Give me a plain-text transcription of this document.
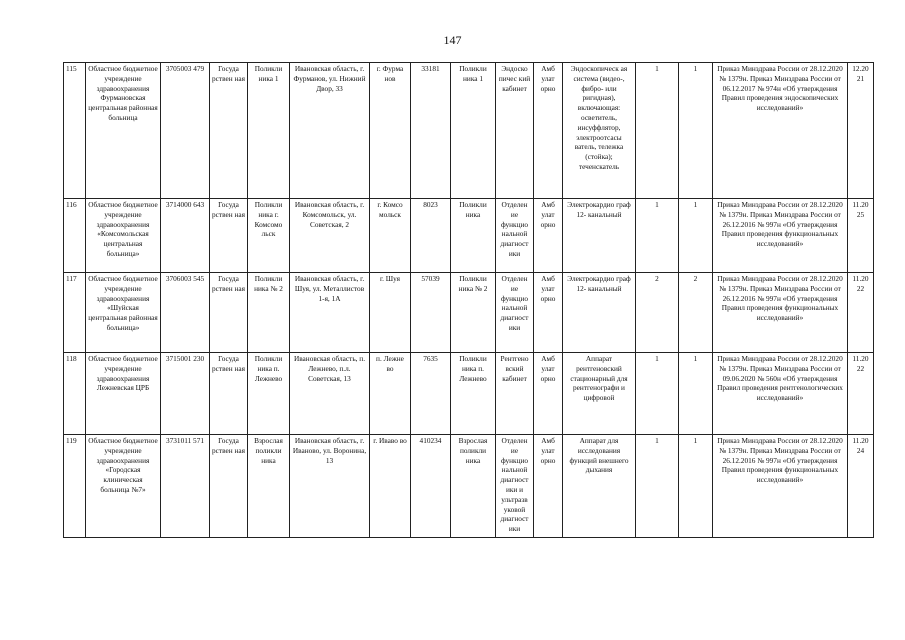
147
115	Областное бюджетное учреждение здравоохранения Фурмановская центральная районная больница	3705003 479	Госуда рствен ная	Поликли ника 1	Ивановская область, г. Фурманов, ул. Нижний Двор, 33	г. Фурма нов	33181	Поликли ника 1	Эндоско пичес кий кабинет	Амб улат орно	Эндоскопическ ая система (видео-, фибро- или ригидная), включающая: осветитель, инсуффлятор, электроотсасы ватель, тележка (стойка); теченскатель	1	1	Приказ Минздрава России от 28.12.2020 № 1379н. Приказ Минздрава России от 06.12.2017 № 974н «Об утверждения Правил проведения эндоскопических исследований»	12.20 21
116	Областное бюджетное учреждение здравоохранения «Комсомольская центральная больница»	3714000 643	Госуда рствен ная	Поликли ника г. Комсомо льск	Ивановская область, г. Комсомольск, ул. Советская, 2	г. Комсо мольск	8023	Поликли ника	Отделен ие функцио нальной диагност ики	Амб улат орно	Электрокардио граф 12- канальный	1	1	Приказ Минздрава России от 28.12.2020 № 1379н. Приказ Минздрава России от 26.12.2016 № 997н «Об утверждения Правил проведения функциональных исследований»	11.20 25
117	Областное бюджетное учреждение здравоохранения «Шуйская центральная районная больница»	3706003 545	Госуда рствен ная	Поликли ника № 2	Ивановская область, г. Шуя, ул. Металлистов 1-я, 1А	г. Шуя	57039	Поликли ника № 2	Отделен ие функцио нальной диагност ики	Амб улат орно	Электрокардио граф 12- канальный	2	2	Приказ Минздрава России от 28.12.2020 № 1379н. Приказ Минздрава России от 26.12.2016 № 997н «Об утверждения Правил проведения функциональных исследований»	11.20 22
118	Областное бюджетное учреждение здравоохранения Лежневская ЦРБ	3715001 230	Госуда рствен ная	Поликли ника п. Лежнево	Ивановская область, п. Лежнево, п.л. Советская, 13	п. Лежне во	7635	Поликли ника п. Лежнево	Рентгено вский кабинет	Амб улат орно	Аппарат рентгеновский стационарный для рентгенографи и цифровой	1	1	Приказ Минздрава России от 28.12.2020 № 1379н. Приказ Минздрава России от 09.06.2020 № 560н «Об утверждения Правил проведения рентгенологических исследований»	11.20 22
119	Областное бюджетное учреждение здравоохранения «Городская клиническая больница №7»	3731011 571	Госуда рствен ная	Взрослая поликли ника	Ивановская область, г. Иваново, ул. Воронина, 13	г. Иваво во	410234	Взрослая поликли ника	Отделен ие функцио нальной диагност ики и ультразв уковой диагност ики	Амб улат орно	Аппарат для исследования функций внешнего дыхания	1	1	Приказ Минздрава России от 28.12.2020 № 1379н. Приказ Минздрава России от 26.12.2016 № 997н «Об утверждения Правил проведения функциональных исследований»	11.20 24
